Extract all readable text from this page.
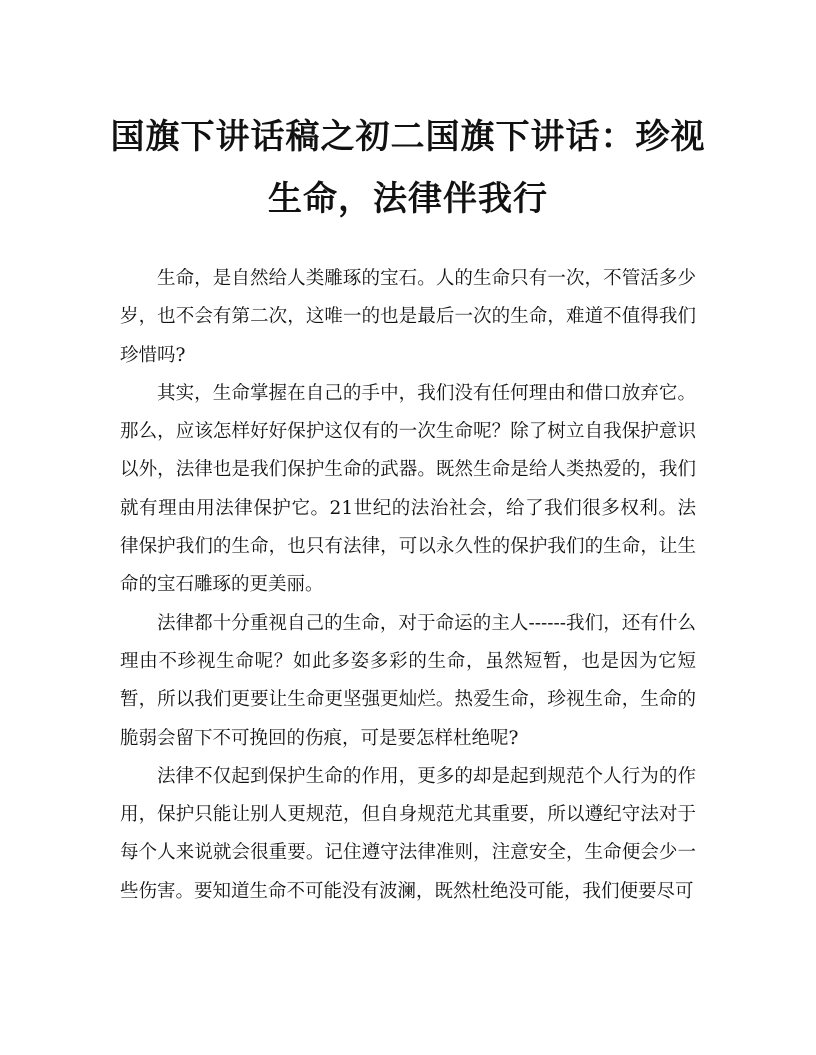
国旗下讲话稿之初二国旗下讲话：珍视生命，法律伴我行

生命，是自然给人类雕琢的宝石。人的生命只有一次，不管活多少岁，也不会有第二次，这唯一的也是最后一次的生命，难道不值得我们珍惜吗?

其实，生命掌握在自己的手中，我们没有任何理由和借口放弃它。那么，应该怎样好好保护这仅有的一次生命呢？除了树立自我保护意识以外，法律也是我们保护生命的武器。既然生命是给人类热爱的，我们就有理由用法律保护它。21世纪的法治社会，给了我们很多权利。法律保护我们的生命，也只有法律，可以永久性的保护我们的生命，让生命的宝石雕琢的更美丽。

法律都十分重视自己的生命，对于命运的主人------我们，还有什么理由不珍视生命呢？如此多姿多彩的生命，虽然短暂，也是因为它短暂，所以我们更要让生命更坚强更灿烂。热爱生命，珍视生命，生命的脆弱会留下不可挽回的伤痕，可是要怎样杜绝呢?

法律不仅起到保护生命的作用，更多的却是起到规范个人行为的作用，保护只能让别人更规范，但自身规范尤其重要，所以遵纪守法对于每个人来说就会很重要。记住遵守法律准则，注意安全，生命便会少一些伤害。要知道生命不可能没有波澜，既然杜绝没可能，我们便要尽可
